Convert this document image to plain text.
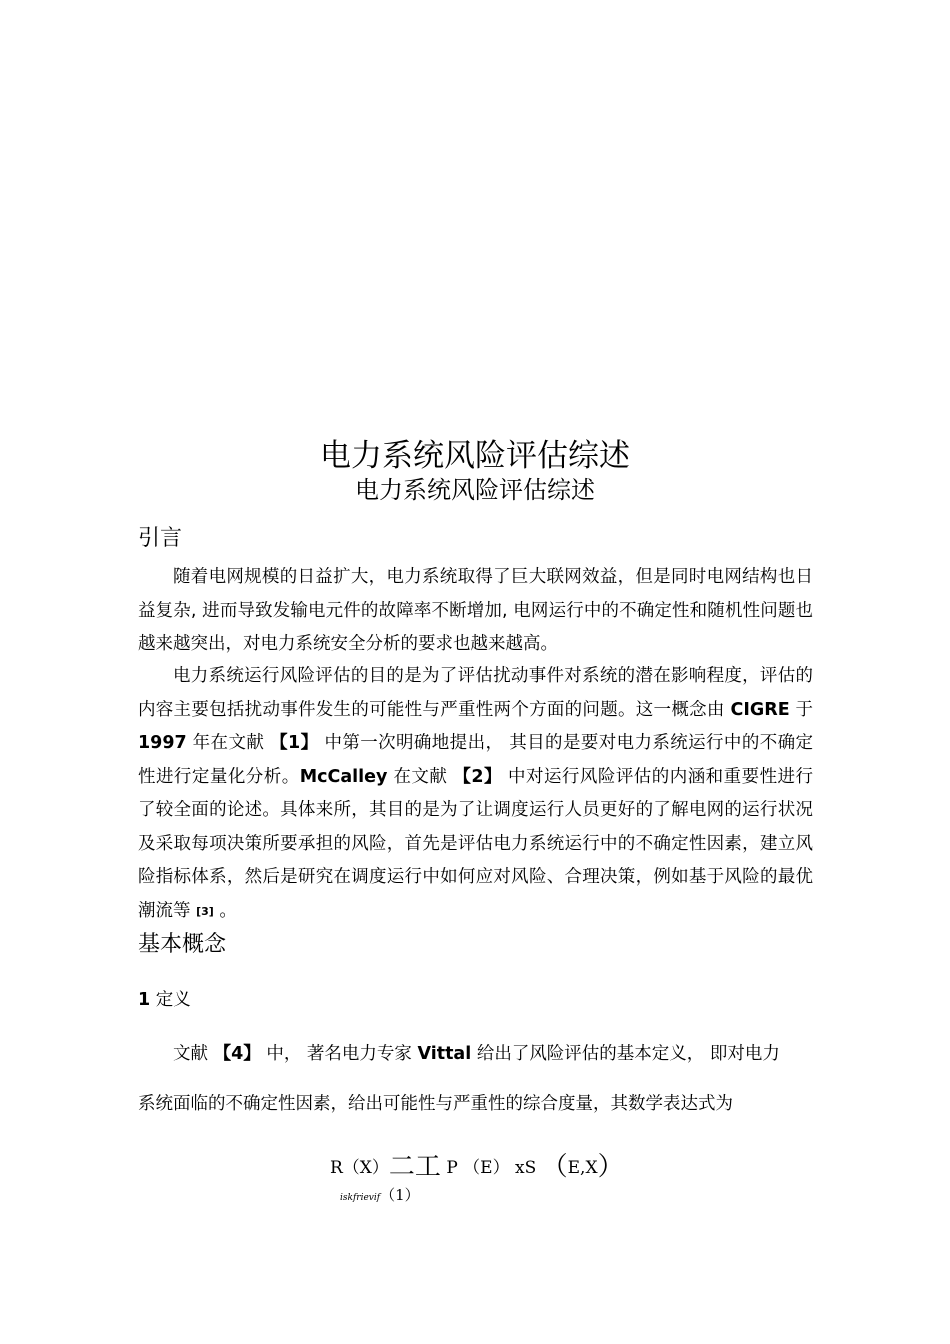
电力系统风险评估综述
电力系统风险评估综述
引言

随着电网规模的日益扩大，电力系统取得了巨大联网效益，但是同时电网结构也日益复杂, 进而导致发输电元件的故障率不断增加, 电网运行中的不确定性和随机性问题也越来越突出，对电力系统安全分析的要求也越来越高。

电力系统运行风险评估的目的是为了评估扰动事件对系统的潜在影响程度，评估的内容主要包括扰动事件发生的可能性与严重性两个方面的问题。这一概念由 CIGRE 于 1997 年在文献 【1】 中第一次明确地提出， 其目的是要对电力系统运行中的不确定性进行定量化分析。McCalley 在文献 【2】 中对运行风险评估的内涵和重要性进行了较全面的论述。具体来所，其目的是为了让调度运行人员更好的了解电网的运行状况及采取每项决策所要承担的风险，首先是评估电力系统运行中的不确定性因素，建立风险指标体系，然后是研究在调度运行中如何应对风险、合理决策，例如基于风险的最优潮流等 [3] 。

基本概念
1 定义
文献 【4】 中， 著名电力专家 Vittal 给出了风险评估的基本定义， 即对电力
系统面临的不确定性因素，给出可能性与严重性的综合度量，其数学表达式为
R（X）二工 P （E） xS （E,X）
iskfrievif（1）
